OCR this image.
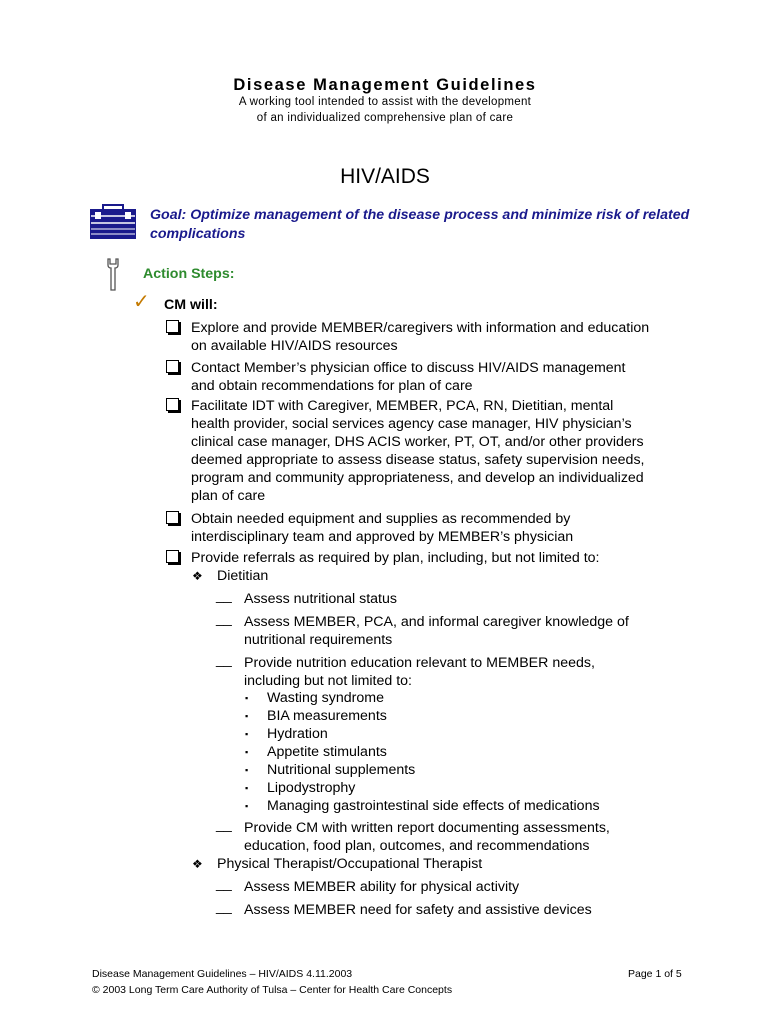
Disease Management Guidelines
A working tool intended to assist with the development
of an individualized comprehensive plan of care
HIV/AIDS
Goal: Optimize management of the disease process and minimize risk of related complications
Action Steps:
✓ CM will:
Explore and provide MEMBER/caregivers with information and education
on available HIV/AIDS resources
Contact Member’s physician office to discuss HIV/AIDS management
and obtain recommendations for plan of care
Facilitate IDT with Caregiver, MEMBER, PCA, RN, Dietitian, mental
health provider, social services agency case manager, HIV physician’s
clinical case manager, DHS ACIS worker, PT, OT, and/or other providers
deemed appropriate to assess disease status, safety supervision needs,
program and community appropriateness, and develop an individualized
plan of care
Obtain needed equipment and supplies as recommended by
interdisciplinary team and approved by MEMBER’s physician
Provide referrals as required by plan, including, but not limited to:
❖ Dietitian
__ Assess nutritional status
__ Assess MEMBER, PCA, and informal caregiver knowledge of
nutritional requirements
__ Provide nutrition education relevant to MEMBER needs,
including but not limited to:
▪ Wasting syndrome
▪ BIA measurements
▪ Hydration
▪ Appetite stimulants
▪ Nutritional supplements
▪ Lipodystrophy
▪ Managing gastrointestinal side effects of medications
__ Provide CM with written report documenting assessments,
education, food plan, outcomes, and recommendations
❖ Physical Therapist/Occupational Therapist
__ Assess MEMBER ability for physical activity
__ Assess MEMBER need for safety and assistive devices
Disease Management Guidelines – HIV/AIDS 4.11.2003
© 2003 Long Term Care Authority of Tulsa – Center for Health Care Concepts
Page 1 of 5
